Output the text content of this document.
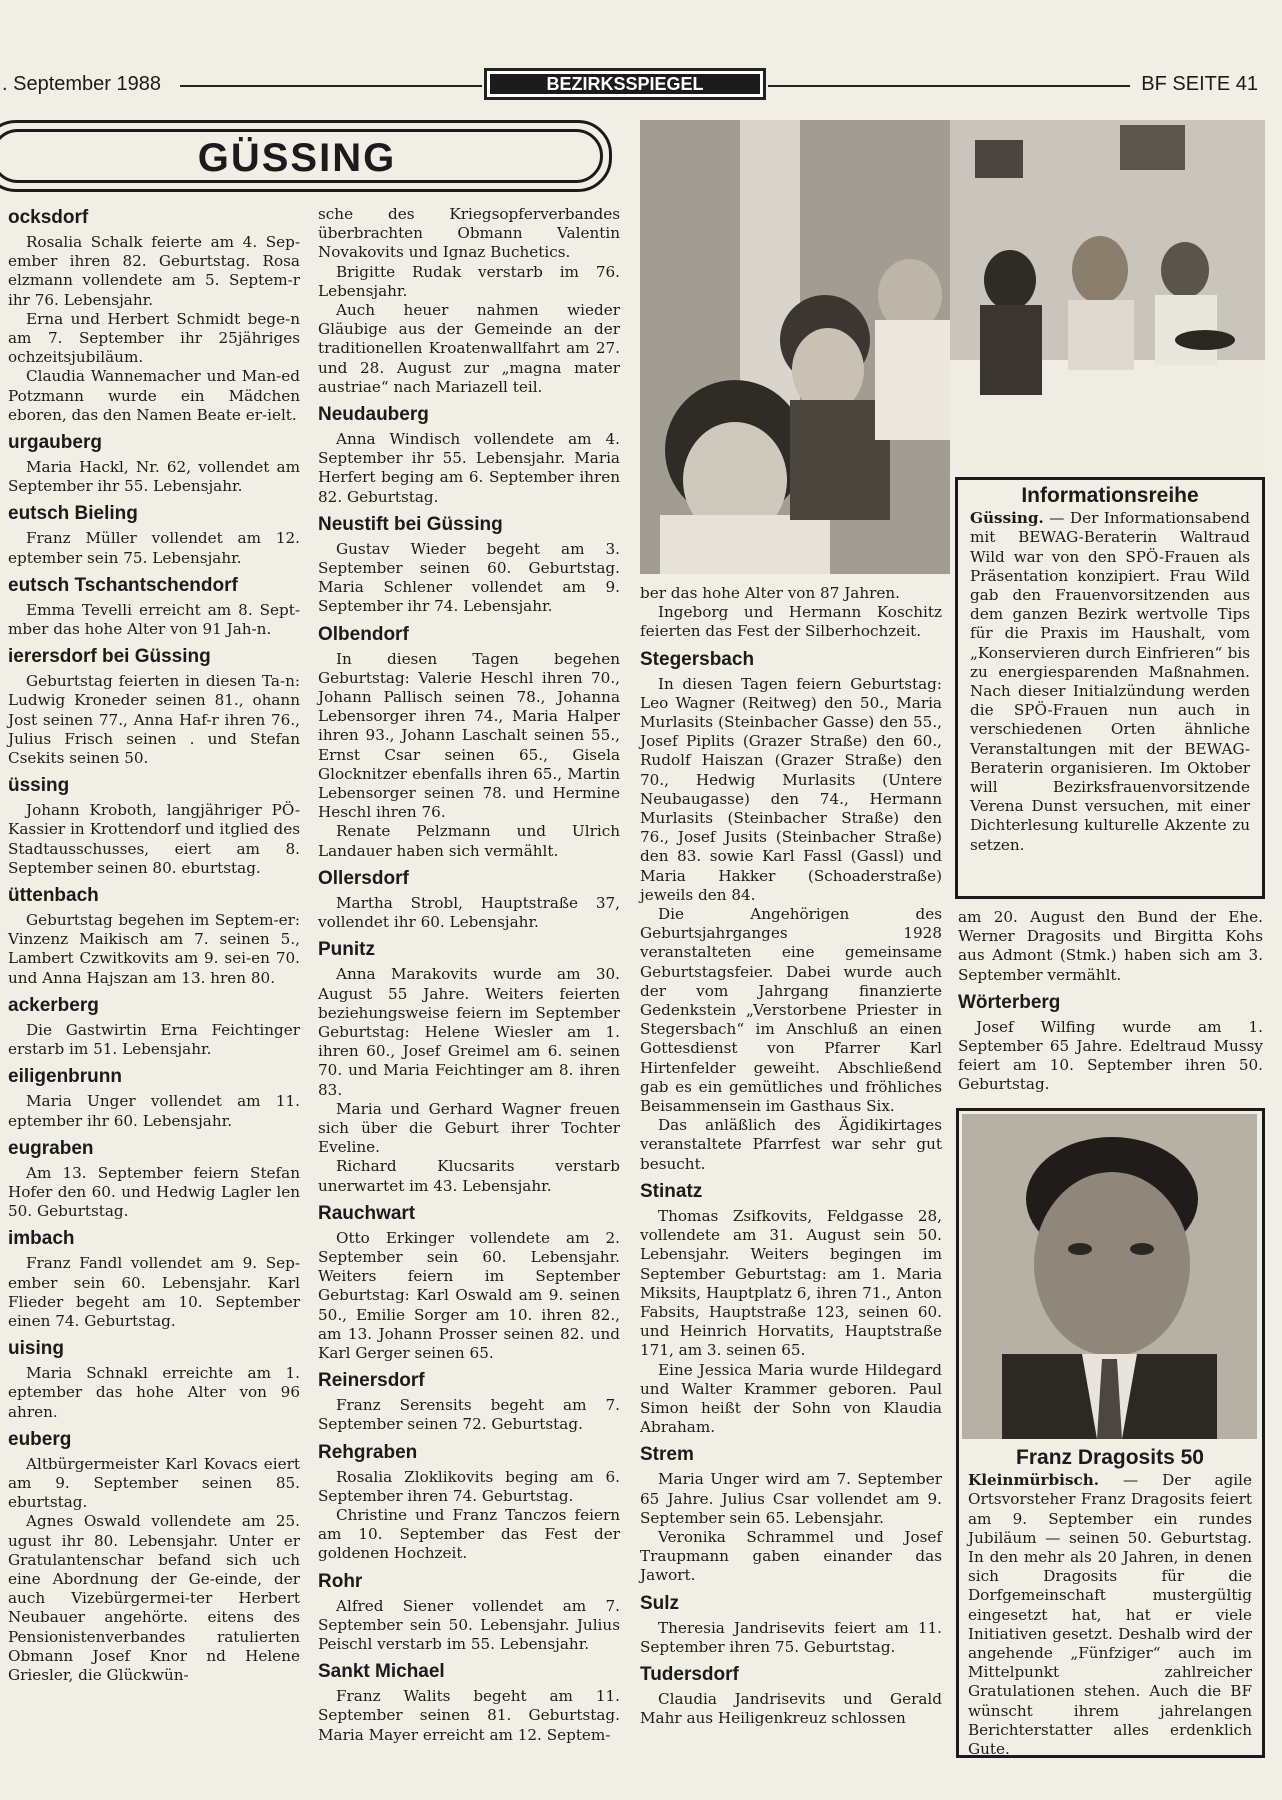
. September 1988	BEZIRKSSPIEGEL	BF SEITE 41
GÜSSING
ocksdorf

Rosalia Schalk feierte am 4. Sep-ember ihren 82. Geburtstag. Rosa elzmann vollendete am 5. Septem-r ihr 76. Lebensjahr.

Erna und Herbert Schmidt bege-n am 7. September ihr 25jähriges ochzeitsjubiläum.

Claudia Wannemacher und Man-ed Potzmann wurde ein Mädchen eboren, das den Namen Beate er-ielt.

urgauberg

Maria Hackl, Nr. 62, vollendet am September ihr 55. Lebensjahr.

eutsch Bieling

Franz Müller vollendet am 12. eptember sein 75. Lebensjahr.

eutsch Tschantschendorf

Emma Tevelli erreicht am 8. Sept-mber das hohe Alter von 91 Jah-n.

ierersdorf bei Güssing

Geburtstag feierten in diesen Ta-n: Ludwig Kroneder seinen 81., ohann Jost seinen 77., Anna Haf-r ihren 76., Julius Frisch seinen . und Stefan Csekits seinen 50.

üssing

Johann Kroboth, langjähriger PÖ-Kassier in Krottendorf und itglied des Stadtausschusses, eiert am 8. September seinen 80. eburtstag.

üttenbach

Geburtstag begehen im Septem-er: Vinzenz Maikisch am 7. seinen 5., Lambert Czwitkovits am 9. sei-en 70. und Anna Hajszan am 13. hren 80.

ackerberg

Die Gastwirtin Erna Feichtinger erstarb im 51. Lebensjahr.

eiligenbrunn

Maria Unger vollendet am 11. eptember ihr 60. Lebensjahr.

eugraben

Am 13. September feiern Stefan Hofer den 60. und Hedwig Lagler len 50. Geburtstag.

imbach

Franz Fandl vollendet am 9. Sep-ember sein 60. Lebensjahr. Karl Flieder begeht am 10. September einen 74. Geburtstag.

uising

Maria Schnakl erreichte am 1. eptember das hohe Alter von 96 ahren.

euberg

Altbürgermeister Karl Kovacs eiert am 9. September seinen 85. eburtstag.

Agnes Oswald vollendete am 25. ugust ihr 80. Lebensjahr. Unter er Gratulantenschar befand sich uch eine Abordnung der Ge-einde, der auch Vizebürgermei-ter Herbert Neubauer angehörte. eitens des Pensionistenverbandes ratulierten Obmann Josef Knor nd Helene Griesler, die Glückwün-

sche des Kriegsopferverbandes überbrachten Obmann Valentin Novakovits und Ignaz Buchetics.

Brigitte Rudak verstarb im 76. Lebensjahr.

Auch heuer nahmen wieder Gläubige aus der Gemeinde an der traditionellen Kroatenwallfahrt am 27. und 28. August zur „magna mater austriae“ nach Mariazell teil.

Neudauberg

Anna Windisch vollendete am 4. September ihr 55. Lebensjahr. Maria Herfert beging am 6. September ihren 82. Geburtstag.

Neustift bei Güssing

Gustav Wieder begeht am 3. September seinen 60. Geburtstag. Maria Schlener vollendet am 9. September ihr 74. Lebensjahr.

Olbendorf

In diesen Tagen begehen Geburtstag: Valerie Heschl ihren 70., Johann Pallisch seinen 78., Johanna Lebensorger ihren 74., Maria Halper ihren 93., Johann Laschalt seinen 55., Ernst Csar seinen 65., Gisela Glocknitzer ebenfalls ihren 65., Martin Lebensorger seinen 78. und Hermine Heschl ihren 76.

Renate Pelzmann und Ulrich Landauer haben sich vermählt.

Ollersdorf

Martha Strobl, Hauptstraße 37, vollendet ihr 60. Lebensjahr.

Punitz

Anna Marakovits wurde am 30. August 55 Jahre. Weiters feierten beziehungsweise feiern im September Geburtstag: Helene Wiesler am 1. ihren 60., Josef Greimel am 6. seinen 70. und Maria Feichtinger am 8. ihren 83.

Maria und Gerhard Wagner freuen sich über die Geburt ihrer Tochter Eveline.

Richard Klucsarits verstarb unerwartet im 43. Lebensjahr.

Rauchwart

Otto Erkinger vollendete am 2. September sein 60. Lebensjahr. Weiters feiern im September Geburtstag: Karl Oswald am 9. seinen 50., Emilie Sorger am 10. ihren 82., am 13. Johann Prosser seinen 82. und Karl Gerger seinen 65.

Reinersdorf

Franz Serensits begeht am 7. September seinen 72. Geburtstag.

Rehgraben

Rosalia Zloklikovits beging am 6. September ihren 74. Geburtstag.

Christine und Franz Tanczos feiern am 10. September das Fest der goldenen Hochzeit.

Rohr

Alfred Siener vollendet am 7. September sein 50. Lebensjahr. Julius Peischl verstarb im 55. Lebensjahr.

Sankt Michael

Franz Walits begeht am 11. September seinen 81. Geburtstag. Maria Mayer erreicht am 12. Septem-

ber das hohe Alter von 87 Jahren.

Ingeborg und Hermann Koschitz feierten das Fest der Silberhochzeit.

Stegersbach

In diesen Tagen feiern Geburtstag: Leo Wagner (Reitweg) den 50., Maria Murlasits (Steinbacher Gasse) den 55., Josef Piplits (Grazer Straße) den 60., Rudolf Haiszan (Grazer Straße) den 70., Hedwig Murlasits (Untere Neubaugasse) den 74., Hermann Murlasits (Steinbacher Straße) den 76., Josef Jusits (Steinbacher Straße) den 83. sowie Karl Fassl (Gassl) und Maria Hakker (Schoaderstraße) jeweils den 84.

Die Angehörigen des Geburtsjahrganges 1928 veranstalteten eine gemeinsame Geburtstagsfeier. Dabei wurde auch der vom Jahrgang finanzierte Gedenkstein „Verstorbene Priester in Stegersbach“ im Anschluß an einen Gottesdienst von Pfarrer Karl Hirtenfelder geweiht. Abschließend gab es ein gemütliches und fröhliches Beisammensein im Gasthaus Six.

Das anläßlich des Ägidikirtages veranstaltete Pfarrfest war sehr gut besucht.

Stinatz

Thomas Zsifkovits, Feldgasse 28, vollendete am 31. August sein 50. Lebensjahr. Weiters begingen im September Geburtstag: am 1. Maria Miksits, Hauptplatz 6, ihren 71., Anton Fabsits, Hauptstraße 123, seinen 60. und Heinrich Horvatits, Hauptstraße 171, am 3. seinen 65.

Eine Jessica Maria wurde Hildegard und Walter Krammer geboren. Paul Simon heißt der Sohn von Klaudia Abraham.

Strem

Maria Unger wird am 7. September 65 Jahre. Julius Csar vollendet am 9. September sein 65. Lebensjahr.

Veronika Schrammel und Josef Traupmann gaben einander das Jawort.

Sulz

Theresia Jandrisevits feiert am 11. September ihren 75. Geburtstag.

Tudersdorf

Claudia Jandrisevits und Gerald Mahr aus Heiligenkreuz schlossen

Informationsreihe

Güssing. — Der Informationsabend mit BEWAG-Beraterin Waltraud Wild war von den SPÖ-Frauen als Präsentation konzipiert. Frau Wild gab den Frauenvorsitzenden aus dem ganzen Bezirk wertvolle Tips für die Praxis im Haushalt, vom „Konservieren durch Einfrieren“ bis zu energiesparenden Maßnahmen. Nach dieser Initialzündung werden die SPÖ-Frauen nun auch in verschiedenen Orten ähnliche Veranstaltungen mit der BEWAG-Beraterin organisieren. Im Oktober will Bezirksfrauenvorsitzende Verena Dunst versuchen, mit einer Dichterlesung kulturelle Akzente zu setzen.

am 20. August den Bund der Ehe. Werner Dragosits und Birgitta Kohs aus Admont (Stmk.) haben sich am 3. September vermählt.

Wörterberg

Josef Wilfing wurde am 1. September 65 Jahre. Edeltraud Mussy feiert am 10. September ihren 50. Geburtstag.

Franz Dragosits 50

Kleinmürbisch. — Der agile Ortsvorsteher Franz Dragosits feiert am 9. September ein rundes Jubiläum — seinen 50. Geburtstag. In den mehr als 20 Jahren, in denen sich Dragosits für die Dorfgemeinschaft mustergültig eingesetzt hat, hat er viele Initiativen gesetzt. Deshalb wird der angehende „Fünfziger“ auch im Mittelpunkt zahlreicher Gratulationen stehen. Auch die BF wünscht ihrem jahrelangen Berichterstatter alles erdenklich Gute.
